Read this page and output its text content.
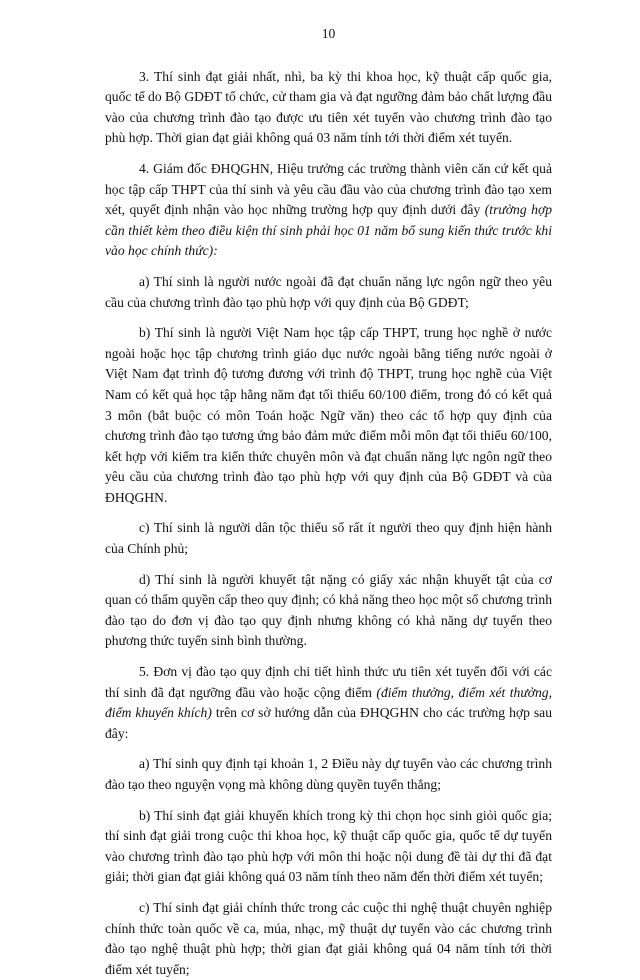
10

3. Thí sinh đạt giải nhất, nhì, ba kỳ thi khoa học, kỹ thuật cấp quốc gia, quốc tế do Bộ GDĐT tổ chức, cử tham gia và đạt ngưỡng đảm bảo chất lượng đầu vào của chương trình đào tạo được ưu tiên xét tuyển vào chương trình đào tạo phù hợp. Thời gian đạt giải không quá 03 năm tính tới thời điểm xét tuyển.

4. Giám đốc ĐHQGHN, Hiệu trưởng các trường thành viên căn cứ kết quả học tập cấp THPT của thí sinh và yêu cầu đầu vào của chương trình đào tạo xem xét, quyết định nhận vào học những trường hợp quy định dưới đây (trường hợp cần thiết kèm theo điều kiện thí sinh phải học 01 năm bổ sung kiến thức trước khi vào học chính thức):

a) Thí sinh là người nước ngoài đã đạt chuẩn năng lực ngôn ngữ theo yêu cầu của chương trình đào tạo phù hợp với quy định của Bộ GDĐT;

b) Thí sinh là người Việt Nam học tập cấp THPT, trung học nghề ở nước ngoài hoặc học tập chương trình giáo dục nước ngoài bằng tiếng nước ngoài ở Việt Nam đạt trình độ tương đương với trình độ THPT, trung học nghề của Việt Nam có kết quả học tập hằng năm đạt tối thiểu 60/100 điểm, trong đó có kết quả 3 môn (bắt buộc có môn Toán hoặc Ngữ văn) theo các tổ hợp quy định của chương trình đào tạo tương ứng bảo đảm mức điểm mỗi môn đạt tối thiểu 60/100, kết hợp với kiểm tra kiến thức chuyên môn và đạt chuẩn năng lực ngôn ngữ theo yêu cầu của chương trình đào tạo phù hợp với quy định của Bộ GDĐT và của ĐHQGHN.

c) Thí sinh là người dân tộc thiểu số rất ít người theo quy định hiện hành của Chính phủ;

d) Thí sinh là người khuyết tật nặng có giấy xác nhận khuyết tật của cơ quan có thẩm quyền cấp theo quy định; có khả năng theo học một số chương trình đào tạo do đơn vị đào tạo quy định nhưng không có khả năng dự tuyển theo phương thức tuyển sinh bình thường.

5. Đơn vị đào tạo quy định chi tiết hình thức ưu tiên xét tuyển đối với các thí sinh đã đạt ngưỡng đầu vào hoặc cộng điểm (điểm thưởng, điểm xét thưởng, điểm khuyến khích) trên cơ sở hướng dẫn của ĐHQGHN cho các trường hợp sau đây:

a) Thí sinh quy định tại khoản 1, 2 Điều này dự tuyển vào các chương trình đào tạo theo nguyện vọng mà không dùng quyền tuyển thẳng;

b) Thí sinh đạt giải khuyến khích trong kỳ thi chọn học sinh giỏi quốc gia; thí sinh đạt giải trong cuộc thi khoa học, kỹ thuật cấp quốc gia, quốc tế dự tuyển vào chương trình đào tạo phù hợp với môn thi hoặc nội dung đề tài dự thi đã đạt giải; thời gian đạt giải không quá 03 năm tính theo năm đến thời điểm xét tuyển;

c) Thí sinh đạt giải chính thức trong các cuộc thi nghệ thuật chuyên nghiệp chính thức toàn quốc về ca, múa, nhạc, mỹ thuật dự tuyển vào các chương trình đào tạo nghệ thuật phù hợp; thời gian đạt giải không quá 04 năm tính tới thời điểm xét tuyển;
